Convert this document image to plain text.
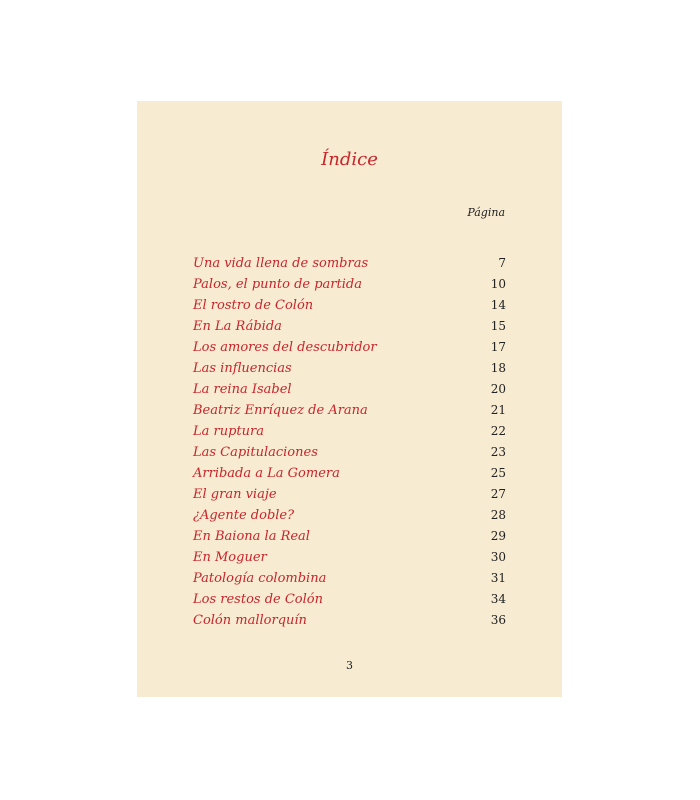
Índice
Página
Una vida llena de sombras	7
Palos, el punto de partida	10
El rostro de Colón	14
En La Rábida	15
Los amores del descubridor	17
Las influencias	18
La reina Isabel	20
Beatriz Enríquez de Arana	21
La ruptura	22
Las Capitulaciones	23
Arribada a La Gomera	25
El gran viaje	27
¿Agente doble?	28
En Baiona la Real	29
En Moguer	30
Patología colombina	31
Los restos de Colón	34
Colón mallorquín	36
3
